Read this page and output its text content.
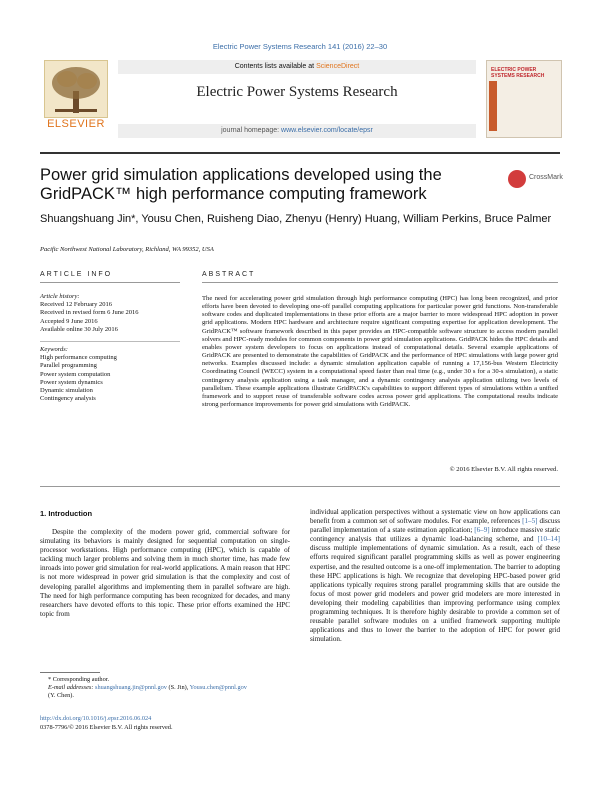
Electric Power Systems Research 141 (2016) 22–30
ELSEVIER
Contents lists available at ScienceDirect
Electric Power Systems Research
journal homepage: www.elsevier.com/locate/epsr
ELECTRIC POWER SYSTEMS RESEARCH
Power grid simulation applications developed using the GridPACK™ high performance computing framework
CrossMark
Shuangshuang Jin*, Yousu Chen, Ruisheng Diao, Zhenyu (Henry) Huang, William Perkins, Bruce Palmer
Pacific Northwest National Laboratory, Richland, WA 99352, USA
ARTICLE INFO
Article history:
Received 12 February 2016
Received in revised form 6 June 2016
Accepted 9 June 2016
Available online 30 July 2016
Keywords:
High performance computing
Parallel programming
Power system computation
Power system dynamics
Dynamic simulation
Contingency analysis
ABSTRACT
The need for accelerating power grid simulation through high performance computing (HPC) has long been recognized, and prior efforts have been devoted to developing one-off parallel computing applications for particular power grid functions. Non-transferable software codes and duplicated implementations in these prior efforts are a major barrier to more widespread HPC adoption in power grid applications. Modern HPC hardware and architecture require significant computing expertise for application development. The GridPACK™ software framework described in this paper provides an HPC-compatible software structure to access modern parallel solvers and HPC-ready modules for common components in power grid simulation applications. GridPACK hides the HPC details and enables power system developers to focus on applications instead of computational details. Several example applications of GridPACK are presented to demonstrate the capabilities of GridPACK and the performance of HPC simulations with large power grid networks. Examples discussed include: a dynamic simulation application capable of running a 17,156-bus Western Electricity Coordinating Council (WECC) system in a computational speed faster than real time (e.g., under 30 s for a 30-s simulation), a static contingency analysis application using a task manager, and a dynamic contingency analysis application utilizing two levels of parallelism. These example applications illustrate GridPACK's capabilities to support different types of simulations within a unified framework and to support reuse of transferable software codes across power grid applications. The computational results indicate strong performance improvements for power grid simulations with GridPACK.
© 2016 Elsevier B.V. All rights reserved.
1. Introduction
Despite the complexity of the modern power grid, commercial software for simulating its behaviors is mainly designed for sequential computation on single-processor workstations. High performance computing (HPC), which is capable of tackling much larger problems and solving them in much shorter time, has made few inroads into power grid simulation for real-world applications. A main reason that HPC is not more widespread in power grid simulation is that the complexity and cost of developing parallel algorithms and implementing them in parallel software are high. The need for high performance computing has been recognized for decades, and many researchers have devoted efforts to this topic. These prior efforts examined the HPC topic from
individual application perspectives without a systematic view on how applications can benefit from a common set of software modules. For example, references [1–5] discuss parallel implementation of a state estimation application; [6–9] introduce massive static contingency analysis that utilizes a dynamic load-balancing scheme, and [10–14] discuss multiple implementations of dynamic simulation. As a result, each of these efforts required significant parallel programming skills as well as power engineering expertise, and the resulted outcome is a one-off implementation. The barrier to adopting these HPC applications is high. We recognize that developing HPC-based power grid applications typically requires strong parallel programming skills that are outside the focus of most power grid modelers and power grid modelers are more interested in developing their modeling capabilities than improving performance using complex programming techniques. It is therefore highly desirable to provide a common set of reusable parallel software modules on a unified framework supporting multiple applications and thus to lower the barrier to the adoption of HPC for power grid simulation.
* Corresponding author.
E-mail addresses: shuangshuang.jin@pnnl.gov (S. Jin), Yousu.chen@pnnl.gov
(Y. Chen).
http://dx.doi.org/10.1016/j.epsr.2016.06.024
0378-7796/© 2016 Elsevier B.V. All rights reserved.
